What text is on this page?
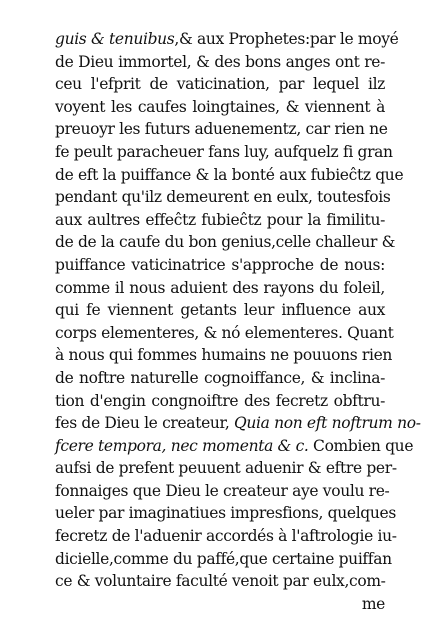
guis & tenuibus,& aux Prophetes:par le moyé
de Dieu immortel, & des bons anges ont re-
ceu l'efprit de vaticination, par lequel ilz
voyent les caufes loingtaines, & viennent à
preuoyr les futurs aduenementz, car rien ne
fe peult paracheuer fans luy, aufquelz fi gran
de eft la puiffance & la bonté aux fubieĉtz que
pendant qu'ilz demeurent en eulx, toutesfois
aux aultres effeĉtz fubieĉtz pour la fimilitu-
de de la caufe du bon genius,celle challeur &
puiffance vaticinatrice s'approche de nous:
comme il nous aduient des rayons du foleil,
qui fe viennent getants leur influence aux
corps elementeres, & nó elementeres. Quant
à nous qui fommes humains ne pouuons rien
de noftre naturelle cognoiffance, & inclina-
tion d'engin congnoiftre des fecretz obftru-
fes de Dieu le createur, Quia non eft noftrum no-
fcere tempora, nec momenta & c. Combien que
aufsi de prefent peuuent aduenir & eftre per-
fonnaiges que Dieu le createur aye voulu re-
ueler par imaginatiues impresfions, quelques
fecretz de l'aduenir accordés à l'aftrologie iu-
dicielle,comme du paffé,que certaine puiffan
ce & voluntaire faculté venoit par eulx,com-
me
